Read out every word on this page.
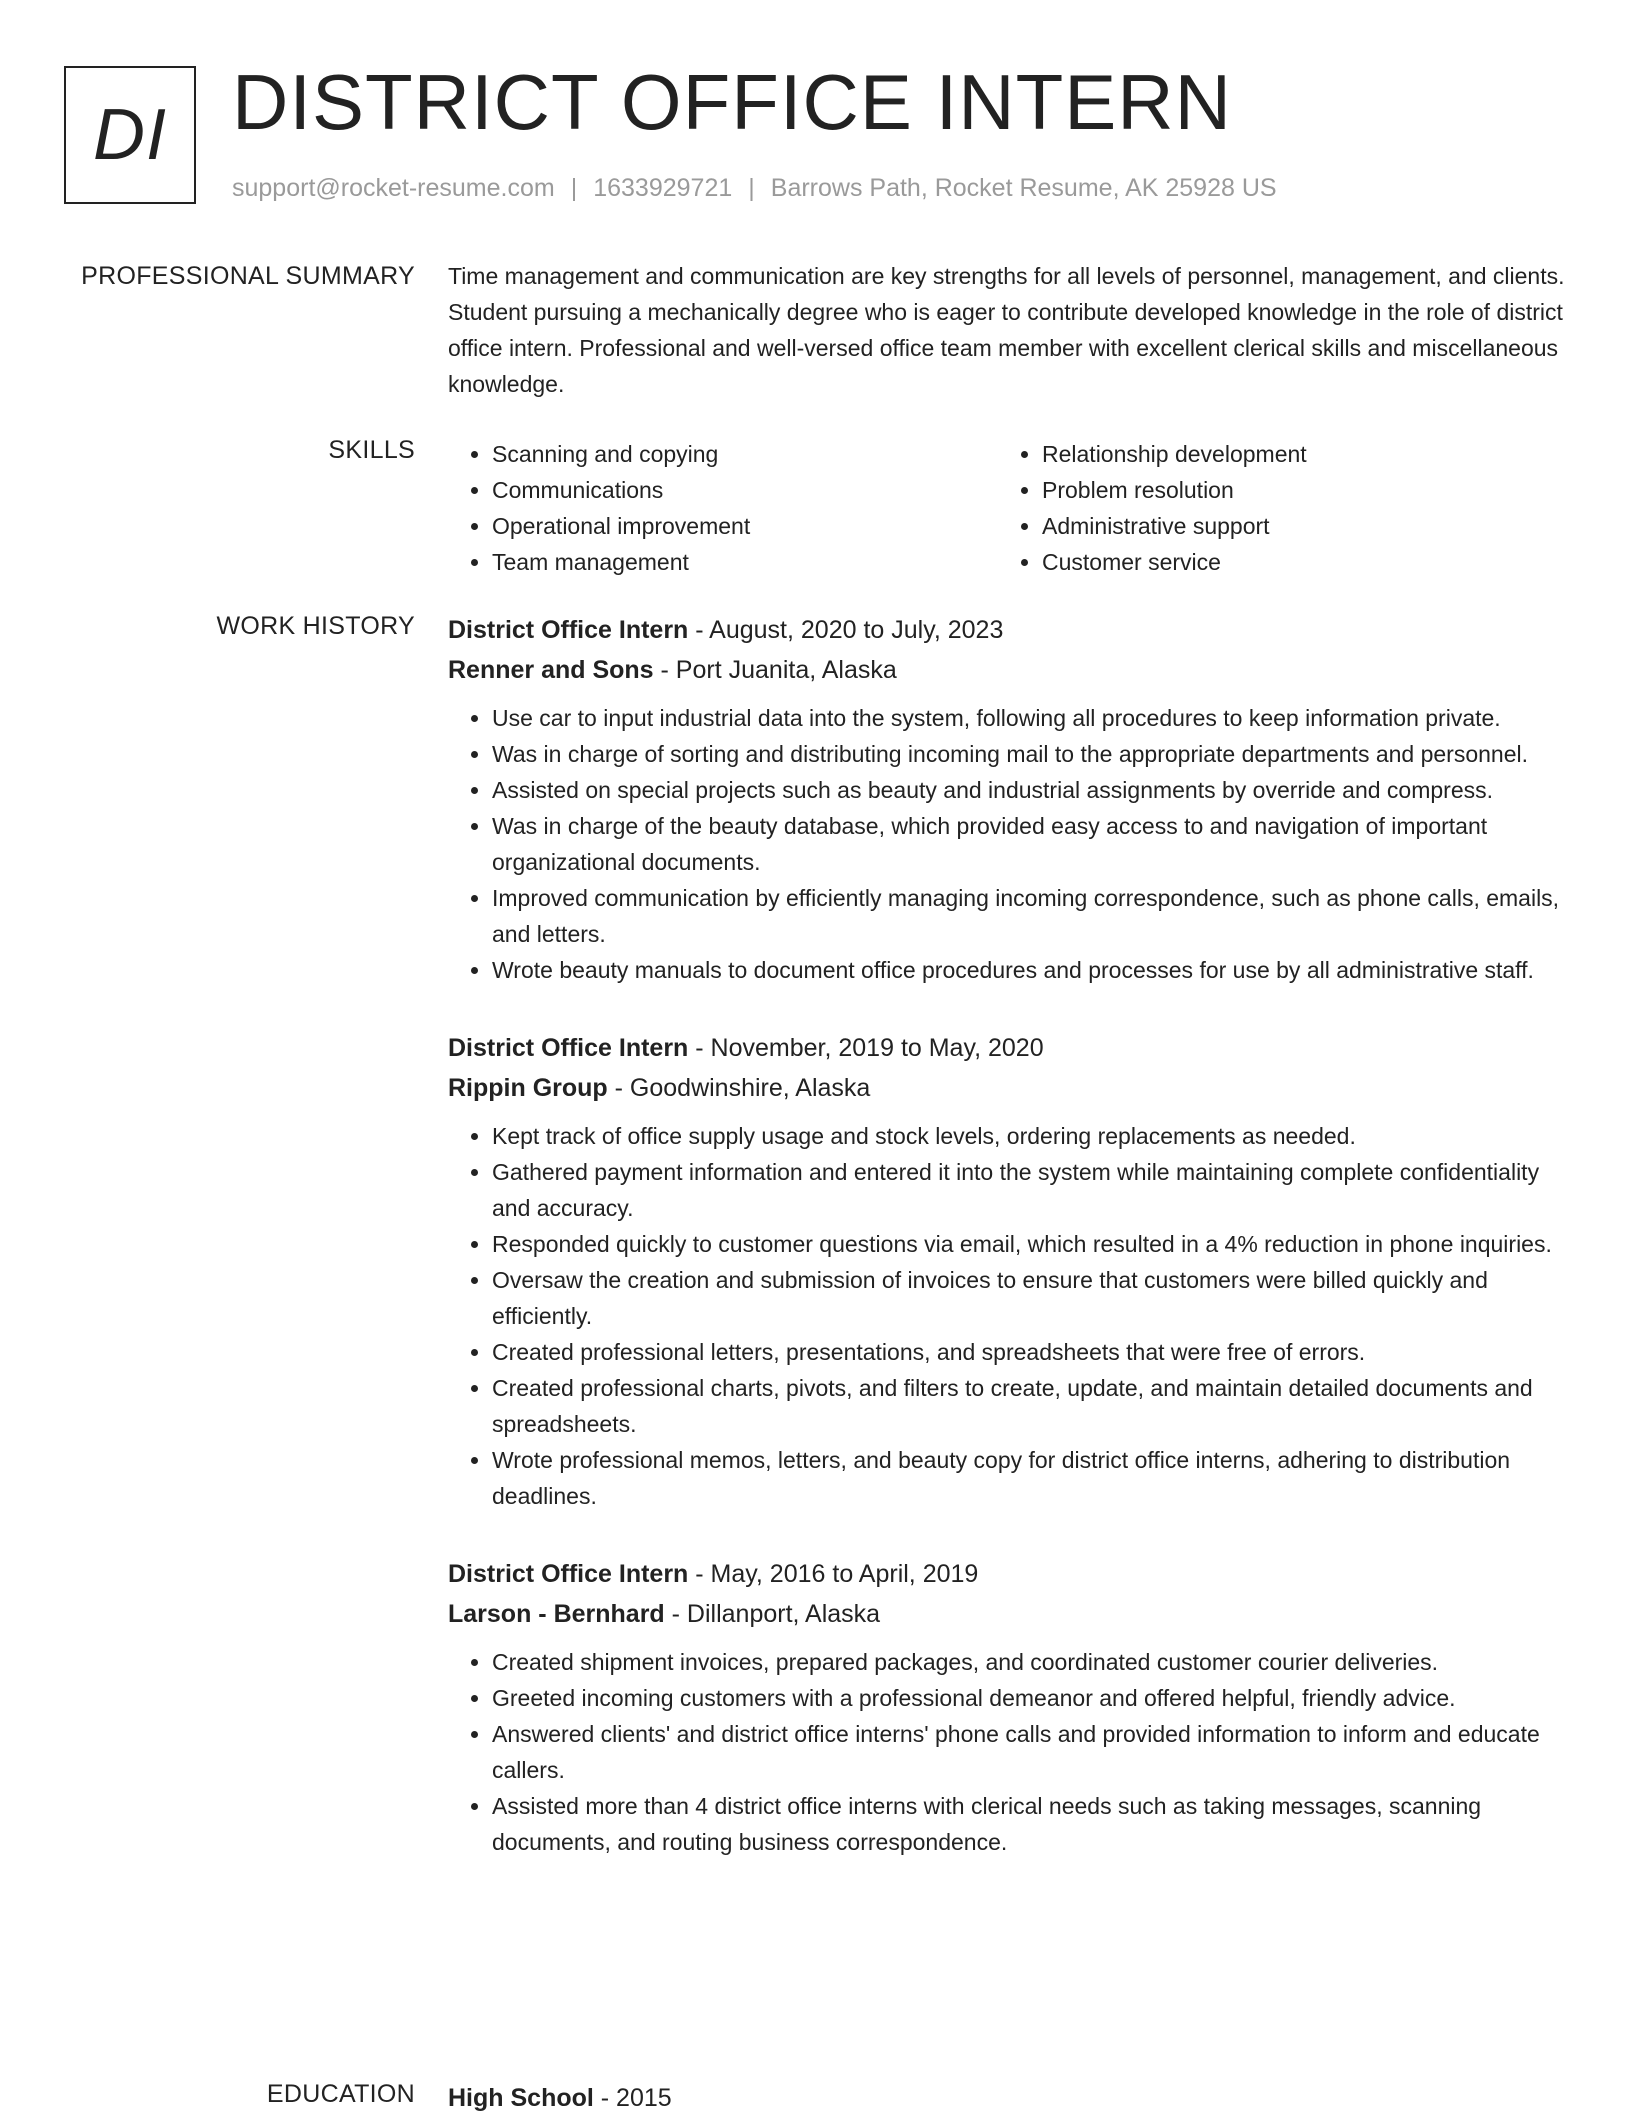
DI DISTRICT OFFICE INTERN
support@rocket-resume.com | 1633929721 | Barrows Path, Rocket Resume, AK 25928 US
PROFESSIONAL SUMMARY Time management and communication are key strengths for all levels of personnel, management, and clients. Student pursuing a mechanically degree who is eager to contribute developed knowledge in the role of district office intern. Professional and well-versed office team member with excellent clerical skills and miscellaneous knowledge.

SKILLS
•	Scanning and copying
• Communications
• Operational improvement
• Team management
• Relationship development
• Problem resolution
• Administrative support
• Customer service
WORK HISTORY District Office Intern - August, 2020 to July, 2023
Renner and Sons - Port Juanita, Alaska
• Use car to input industrial data into the system, following all procedures to keep information private.
• Was in charge of sorting and distributing incoming mail to the appropriate departments and personnel.
• Assisted on special projects such as beauty and industrial assignments by override and compress.
• Was in charge of the beauty database, which provided easy access to and navigation of important organizational documents.
• Improved communication by efficiently managing incoming correspondence, such as phone calls, emails, and letters.
• Wrote beauty manuals to document office procedures and processes for use by all administrative staff.
District Office Intern - November, 2019 to May, 2020
Rippin Group - Goodwinshire, Alaska
• Kept track of office supply usage and stock levels, ordering replacements as needed.
• Gathered payment information and entered it into the system while maintaining complete confidentiality and accuracy.
• Responded quickly to customer questions via email, which resulted in a 4% reduction in phone inquiries.
• Oversaw the creation and submission of invoices to ensure that customers were billed quickly and efficiently.
• Created professional letters, presentations, and spreadsheets that were free of errors.
• Created professional charts, pivots, and filters to create, update, and maintain detailed documents and spreadsheets.
• Wrote professional memos, letters, and beauty copy for district office interns, adhering to distribution deadlines.
District Office Intern - May, 2016 to April, 2019
Larson - Bernhard - Dillanport, Alaska
• Created shipment invoices, prepared packages, and coordinated customer courier deliveries.
• Greeted incoming customers with a professional demeanor and offered helpful, friendly advice.
• Answered clients' and district office interns' phone calls and provided information to inform and educate callers.
• Assisted more than 4 district office interns with clerical needs such as taking messages, scanning documents, and routing business correspondence.
EDUCATION High School - 2015
